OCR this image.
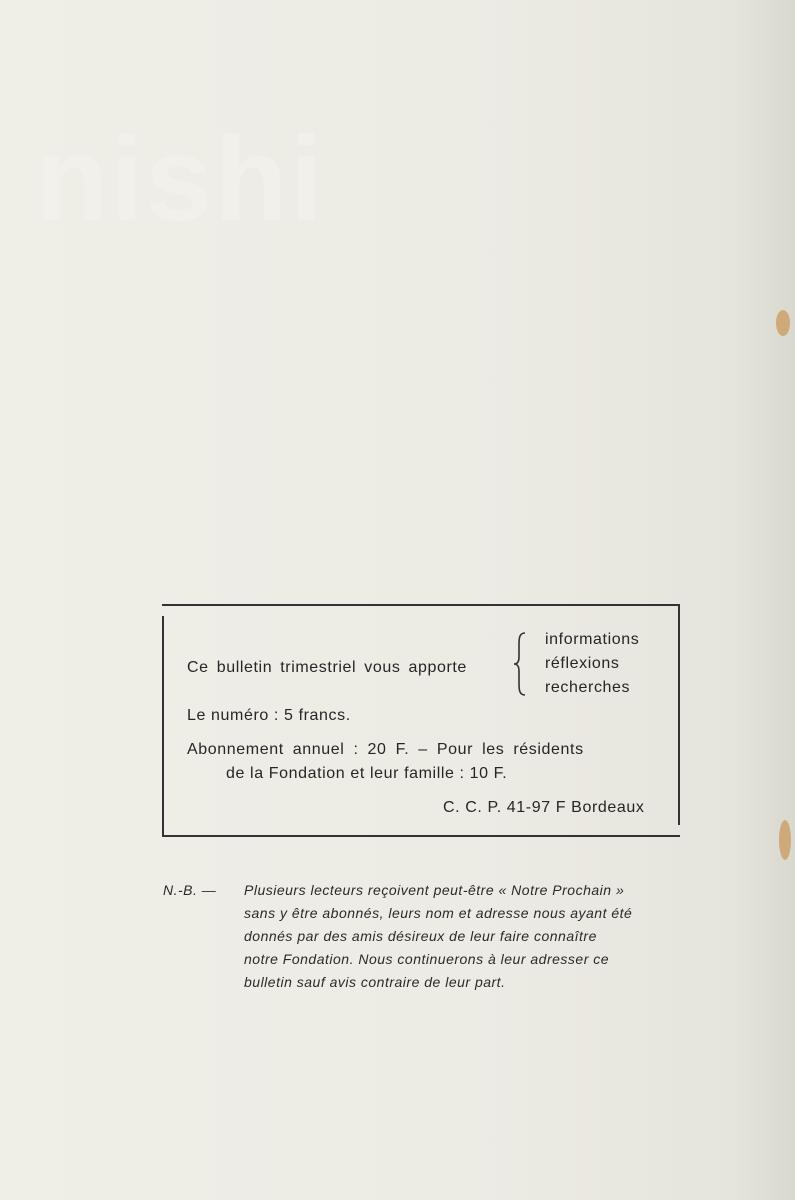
nishi
Ce bulletin trimestriel vous apporte
informations
réflexions
recherches
Le numéro : 5 francs.
Abonnement annuel : 20 F. – Pour les résidents
de la Fondation et leur famille : 10 F.
C. C. P. 41-97 F Bordeaux
N.-B. — Plusieurs lecteurs reçoivent peut-être « Notre Prochain »
sans y être abonnés, leurs nom et adresse nous ayant été
donnés par des amis désireux de leur faire connaître
notre Fondation. Nous continuerons à leur adresser ce
bulletin sauf avis contraire de leur part.
